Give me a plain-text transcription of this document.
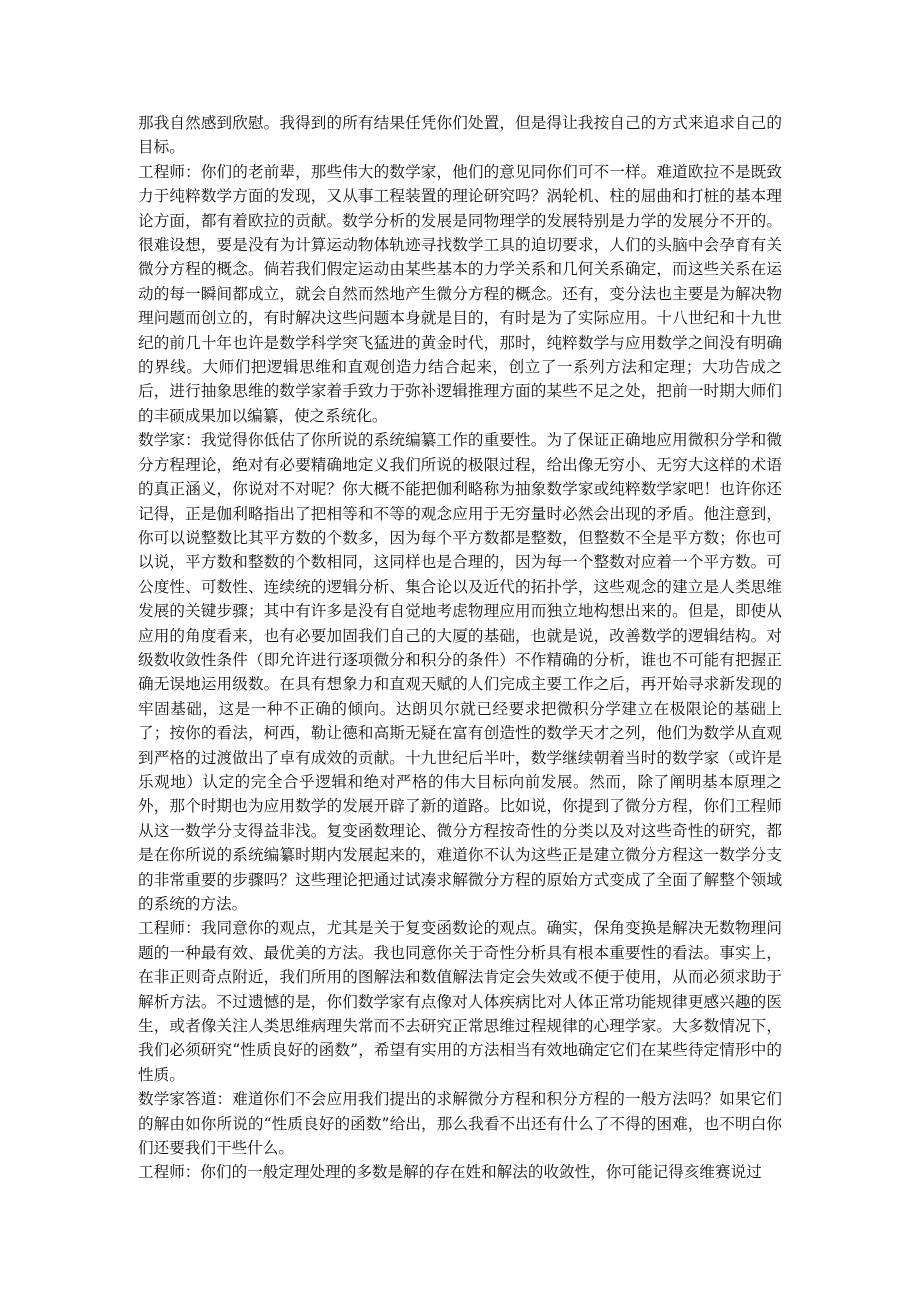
那我自然感到欣慰。我得到的所有结果任凭你们处置，但是得让我按自己的方式来追求自己的目标。

工程师：你们的老前辈，那些伟大的数学家，他们的意见同你们可不一样。难道欧拉不是既致力于纯粹数学方面的发现，又从事工程装置的理论研究吗？涡轮机、柱的屈曲和打桩的基本理论方面，都有着欧拉的贡献。数学分析的发展是同物理学的发展特别是力学的发展分不开的。很难设想，要是没有为计算运动物体轨迹寻找数学工具的迫切要求，人们的头脑中会孕育有关微分方程的概念。倘若我们假定运动由某些基本的力学关系和几何关系确定，而这些关系在运动的每一瞬间都成立，就会自然而然地产生微分方程的概念。还有，变分法也主要是为解决物理问题而创立的，有时解决这些问题本身就是目的，有时是为了实际应用。十八世纪和十九世纪的前几十年也许是数学科学突飞猛进的黄金时代，那时，纯粹数学与应用数学之间没有明确的界线。大师们把逻辑思维和直观创造力结合起来，创立了一系列方法和定理；大功告成之后，进行抽象思维的数学家着手致力于弥补逻辑推理方面的某些不足之处，把前一时期大师们的丰硕成果加以编纂，使之系统化。

数学家：我觉得你低估了你所说的系统编纂工作的重要性。为了保证正确地应用微积分学和微分方程理论，绝对有必要精确地定义我们所说的极限过程，给出像无穷小、无穷大这样的术语的真正涵义，你说对不对呢？你大概不能把伽利略称为抽象数学家或纯粹数学家吧！也许你还记得，正是伽利略指出了把相等和不等的观念应用于无穷量时必然会出现的矛盾。他注意到，你可以说整数比其平方数的个数多，因为每个平方数都是整数，但整数不全是平方数；你也可以说，平方数和整数的个数相同，这同样也是合理的，因为每一个整数对应着一个平方数。可公度性、可数性、连续统的逻辑分析、集合论以及近代的拓扑学，这些观念的建立是人类思维发展的关键步骤；其中有许多是没有自觉地考虑物理应用而独立地构想出来的。但是，即使从应用的角度看来，也有必要加固我们自己的大厦的基础，也就是说，改善数学的逻辑结构。对级数收敛性条件（即允许进行逐项微分和积分的条件）不作精确的分析，谁也不可能有把握正确无误地运用级数。在具有想象力和直观天赋的人们完成主要工作之后，再开始寻求新发现的牢固基础，这是一种不正确的倾向。达朗贝尔就已经要求把微积分学建立在极限论的基础上了；按你的看法，柯西，勒让德和高斯无疑在富有创造性的数学天才之列，他们为数学从直观到严格的过渡做出了卓有成效的贡献。十九世纪后半叶，数学继续朝着当时的数学家（或许是乐观地）认定的完全合乎逻辑和绝对严格的伟大目标向前发展。然而，除了阐明基本原理之外，那个时期也为应用数学的发展开辟了新的道路。比如说，你提到了微分方程，你们工程师从这一数学分支得益非浅。复变函数理论、微分方程按奇性的分类以及对这些奇性的研究，都是在你所说的系统编纂时期内发展起来的，难道你不认为这些正是建立微分方程这一数学分支的非常重要的步骤吗？这些理论把通过试凑求解微分方程的原始方式变成了全面了解整个领域的系统的方法。

工程师：我同意你的观点，尤其是关于复变函数论的观点。确实，保角变换是解决无数物理问题的一种最有效、最优美的方法。我也同意你关于奇性分析具有根本重要性的看法。事实上，在非正则奇点附近，我们所用的图解法和数值解法肯定会失效或不便于使用，从而必须求助于解析方法。不过遗憾的是，你们数学家有点像对人体疾病比对人体正常功能规律更感兴趣的医生，或者像关注人类思维病理失常而不去研究正常思维过程规律的心理学家。大多数情况下，我们必须研究“性质良好的函数”，希望有实用的方法相当有效地确定它们在某些待定情形中的性质。

数学家答道：难道你们不会应用我们提出的求解微分方程和积分方程的一般方法吗？如果它们的解由如你所说的“性质良好的函数”给出，那么我看不出还有什么了不得的困难，也不明白你们还要我们干些什么。

工程师：你们的一般定理处理的多数是解的存在姓和解法的收敛性，你可能记得亥维赛说过
